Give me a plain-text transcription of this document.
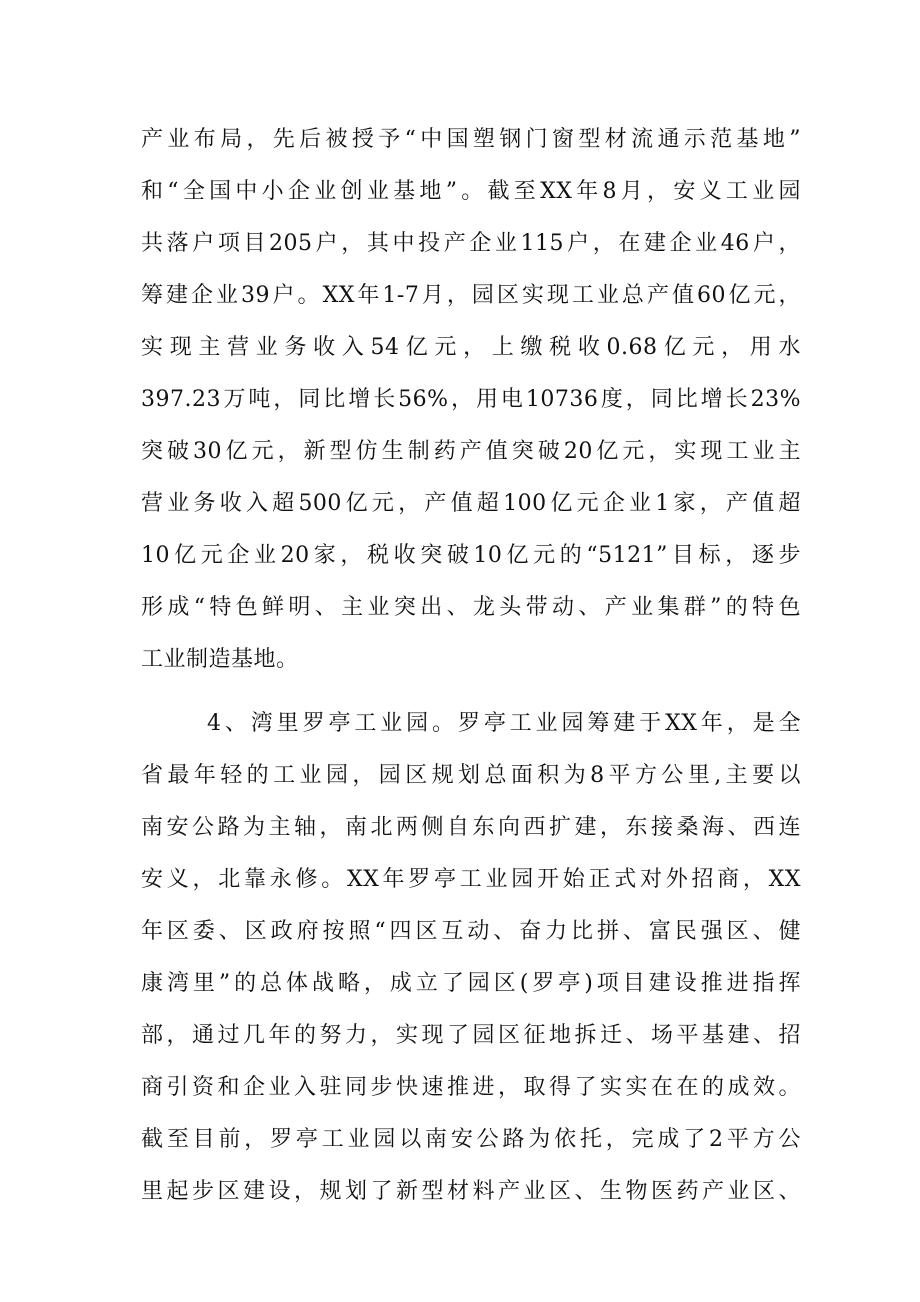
产业布局，先后被授予“中国塑钢门窗型材流通示范基地”
和“全国中小企业创业基地”。截至XX年8月，安义工业园
共落户项目205户，其中投产企业115户，在建企业46户，
筹建企业39户。XX年1-7月，园区实现工业总产值60亿元，
实现主营业务收入54亿元，上缴税收0.68亿元，用水
397.23万吨，同比增长56%，用电10736度，同比增长23%
突破30亿元，新型仿生制药产值突破20亿元，实现工业主
营业务收入超500亿元，产值超100亿元企业1家，产值超
10亿元企业20家，税收突破10亿元的“5121”目标，逐步
形成“特色鲜明、主业突出、龙头带动、产业集群”的特色
工业制造基地。
4、湾里罗亭工业园。罗亭工业园筹建于XX年，是全
省最年轻的工业园，园区规划总面积为8平方公里,主要以
南安公路为主轴，南北两侧自东向西扩建，东接桑海、西连
安义，北靠永修。XX年罗亭工业园开始正式对外招商，XX
年区委、区政府按照“四区互动、奋力比拼、富民强区、健
康湾里”的总体战略，成立了园区(罗亭)项目建设推进指挥
部，通过几年的努力，实现了园区征地拆迁、场平基建、招
商引资和企业入驻同步快速推进，取得了实实在在的成效。
截至目前，罗亭工业园以南安公路为依托，完成了2平方公
里起步区建设，规划了新型材料产业区、生物医药产业区、
